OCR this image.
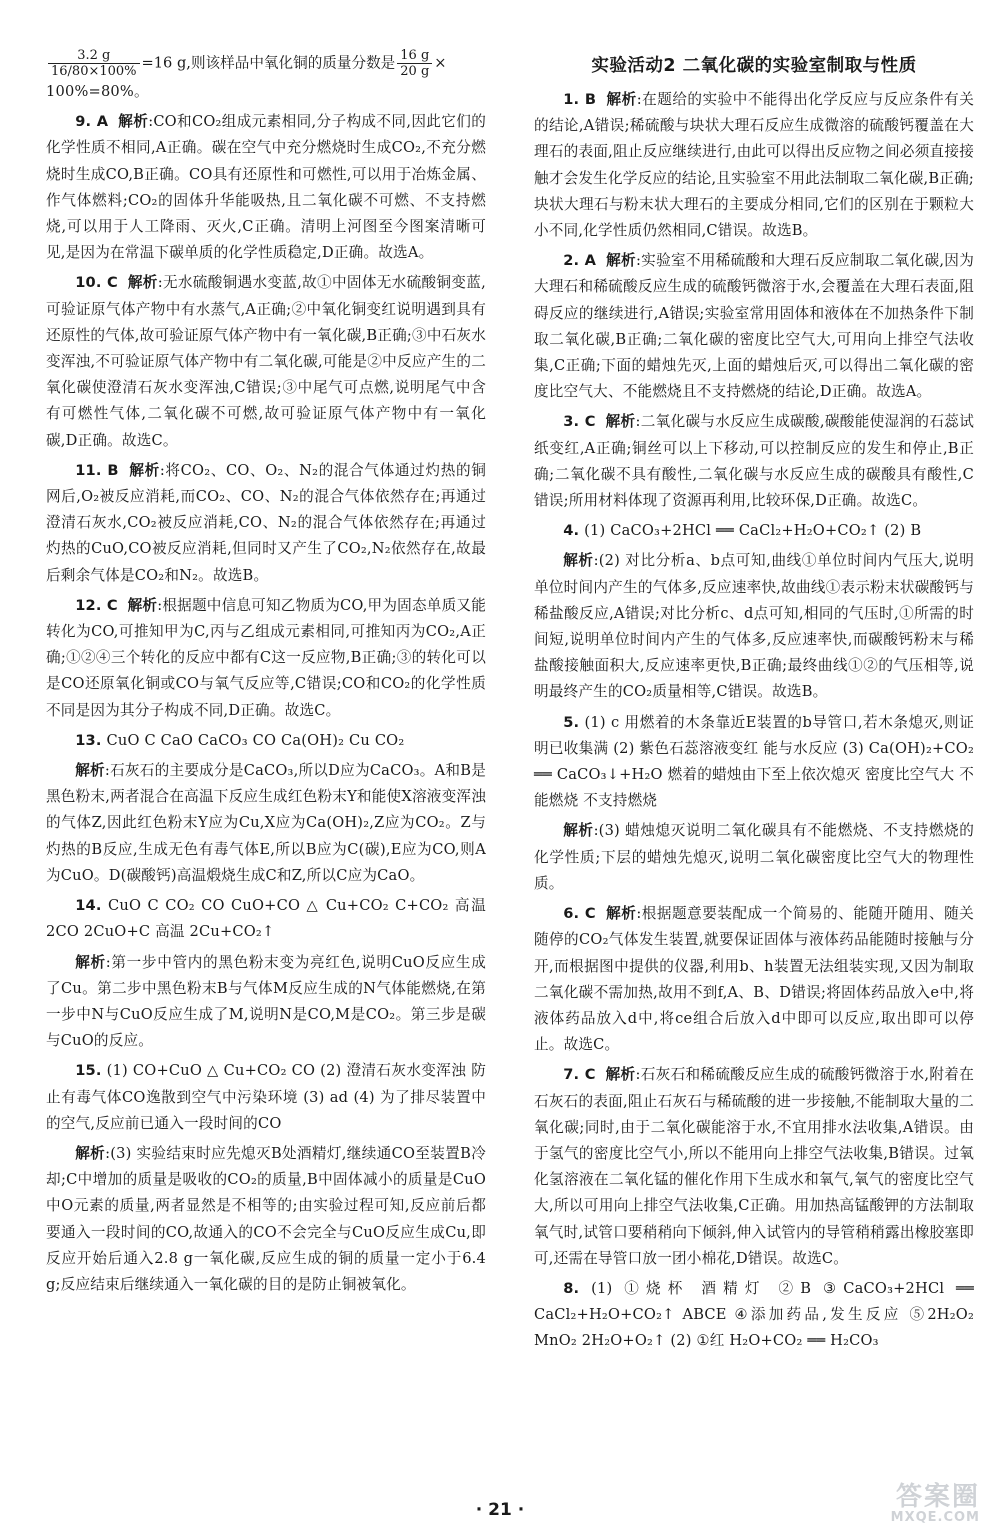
$\frac{3.2 g}{16/80\times 100\%} =16$ g,则该样品中氧化铜的质量分数是 $\frac{16 g}{20 g}$ ×

100%=80%。

9. A 解析:CO和CO₂组成元素相同,分子构成不同,因此它们的化学性质不相同,A正确。碳在空气中充分燃烧时生成CO₂,不充分燃烧时生成CO,B正确。CO具有还原性和可燃性,可以用于冶炼金属、作气体燃料;CO₂的固体升华能吸热,且二氧化碳不可燃、不支持燃烧,可以用于人工降雨、灭火,C正确。清明上河图至今图案清晰可见,是因为在常温下碳单质的化学性质稳定,D正确。故选A。

10. C 解析:无水硫酸铜遇水变蓝,故①中固体无水硫酸铜变蓝,可验证原气体产物中有水蒸气,A正确;②中氧化铜变红说明遇到具有还原性的气体,故可验证原气体产物中有一氧化碳,B正确;③中石灰水变浑浊,不可验证原气体产物中有二氧化碳,可能是②中反应产生的二氧化碳使澄清石灰水变浑浊,C错误;③中尾气可点燃,说明尾气中含有可燃性气体,二氧化碳不可燃,故可验证原气体产物中有一氧化碳,D正确。故选C。

11. B 解析:将CO₂、CO、O₂、N₂的混合气体通过灼热的铜网后,O₂被反应消耗,而CO₂、CO、N₂的混合气体依然存在;再通过澄清石灰水,CO₂被反应消耗,CO、N₂的混合气体依然存在;再通过灼热的CuO,CO被反应消耗,但同时又产生了CO₂,N₂依然存在,故最后剩余气体是CO₂和N₂。故选B。

12. C 解析:根据题中信息可知乙物质为CO,甲为固态单质又能转化为CO,可推知甲为C,丙与乙组成元素相同,可推知丙为CO₂,A正确;①②④三个转化的反应中都有C这一反应物,B正确;③的转化可以是CO还原氧化铜或CO与氧气反应等,C错误;CO和CO₂的化学性质不同是因为其分子构成不同,D正确。故选C。

13. CuO C CaO CaCO₃ CO Ca(OH)₂ Cu CO₂

解析:石灰石的主要成分是CaCO₃,所以D应为CaCO₃。A和B是黑色粉末,两者混合在高温下反应生成红色粉末Y和能使X溶液变浑浊的气体Z,因此红色粉末Y应为Cu,X应为Ca(OH)₂,Z应为CO₂。Z与灼热的B反应,生成无色有毒气体E,所以B应为C(碳),E应为CO,则A为CuO。D(碳酸钙)高温煅烧生成C和Z,所以C应为CaO。

14. CuO C CO₂ CO CuO+CO △ Cu+CO₂ C+CO₂ 高温 2CO 2CuO+C 高温 2Cu+CO₂↑

解析:第一步中管内的黑色粉末变为亮红色,说明CuO反应生成了Cu。第二步中黑色粉末B与气体M反应生成的N气体能燃烧,在第一步中N与CuO反应生成了M,说明N是CO,M是CO₂。第三步是碳与CuO的反应。

15. (1) CO+CuO △ Cu+CO₂ CO (2) 澄清石灰水变浑浊 防止有毒气体CO逸散到空气中污染环境 (3) ad (4) 为了排尽装置中的空气,反应前已通入一段时间的CO

解析:(3) 实验结束时应先熄灭B处酒精灯,继续通CO至装置B冷却;C中增加的质量是吸收的CO₂的质量,B中固体减小的质量是CuO中O元素的质量,两者显然是不相等的;由实验过程可知,反应前后都要通入一段时间的CO,故通入的CO不会完全与CuO反应生成Cu,即反应开始后通入2.8 g一氧化碳,反应生成的铜的质量一定小于6.4 g;反应结束后继续通入一氧化碳的目的是防止铜被氧化。

实验活动2 二氧化碳的实验室制取与性质

1. B 解析:在题给的实验中不能得出化学反应与反应条件有关的结论,A错误;稀硫酸与块状大理石反应生成微溶的硫酸钙覆盖在大理石的表面,阻止反应继续进行,由此可以得出反应物之间必须直接接触才会发生化学反应的结论,且实验室不用此法制取二氧化碳,B正确;块状大理石与粉末状大理石的主要成分相同,它们的区别在于颗粒大小不同,化学性质仍然相同,C错误。故选B。

2. A 解析:实验室不用稀硫酸和大理石反应制取二氧化碳,因为大理石和稀硫酸反应生成的硫酸钙微溶于水,会覆盖在大理石表面,阻碍反应的继续进行,A错误;实验室常用固体和液体在不加热条件下制取二氧化碳,B正确;二氧化碳的密度比空气大,可用向上排空气法收集,C正确;下面的蜡烛先灭,上面的蜡烛后灭,可以得出二氧化碳的密度比空气大、不能燃烧且不支持燃烧的结论,D正确。故选A。

3. C 解析:二氧化碳与水反应生成碳酸,碳酸能使湿润的石蕊试纸变红,A正确;铜丝可以上下移动,可以控制反应的发生和停止,B正确;二氧化碳不具有酸性,二氧化碳与水反应生成的碳酸具有酸性,C错误;所用材料体现了资源再利用,比较环保,D正确。故选C。

4. (1) CaCO₃+2HCl ══ CaCl₂+H₂O+CO₂↑ (2) B

解析:(2) 对比分析a、b点可知,曲线①单位时间内气压大,说明单位时间内产生的气体多,反应速率快,故曲线①表示粉末状碳酸钙与稀盐酸反应,A错误;对比分析c、d点可知,相同的气压时,①所需的时间短,说明单位时间内产生的气体多,反应速率快,而碳酸钙粉末与稀盐酸接触面积大,反应速率更快,B正确;最终曲线①②的气压相等,说明最终产生的CO₂质量相等,C错误。故选B。

5. (1) c 用燃着的木条靠近E装置的b导管口,若木条熄灭,则证明已收集满 (2) 紫色石蕊溶液变红 能与水反应 (3) Ca(OH)₂+CO₂ ══ CaCO₃↓+H₂O 燃着的蜡烛由下至上依次熄灭 密度比空气大 不能燃烧 不支持燃烧

解析:(3) 蜡烛熄灭说明二氧化碳具有不能燃烧、不支持燃烧的化学性质;下层的蜡烛先熄灭,说明二氧化碳密度比空气大的物理性质。

6. C 解析:根据题意要装配成一个简易的、能随开随用、随关随停的CO₂气体发生装置,就要保证固体与液体药品能随时接触与分开,而根据图中提供的仪器,利用b、h装置无法组装实现,又因为制取二氧化碳不需加热,故用不到f,A、B、D错误;将固体药品放入e中,将液体药品放入d中,将ce组合后放入d中即可以反应,取出即可以停止。故选C。

7. C 解析:石灰石和稀硫酸反应生成的硫酸钙微溶于水,附着在石灰石的表面,阻止石灰石与稀硫酸的进一步接触,不能制取大量的二氧化碳;同时,由于二氧化碳能溶于水,不宜用排水法收集,A错误。由于氢气的密度比空气小,所以不能用向上排空气法收集,B错误。过氧化氢溶液在二氧化锰的催化作用下生成水和氧气,氧气的密度比空气大,所以可用向上排空气法收集,C正确。用加热高锰酸钾的方法制取氧气时,试管口要稍稍向下倾斜,伸入试管内的导管稍稍露出橡胶塞即可,还需在导管口放一团小棉花,D错误。故选C。

8. (1) ①烧杯 酒精灯 ②B ③CaCO₃+2HCl ══ CaCl₂+H₂O+CO₂↑ ABCE ④添加药品,发生反应 ⑤2H₂O₂ MnO₂ 2H₂O+O₂↑ (2) ①红 H₂O+CO₂ ══ H₂CO₃

· 21 ·	答案圈
MXQE.COM
